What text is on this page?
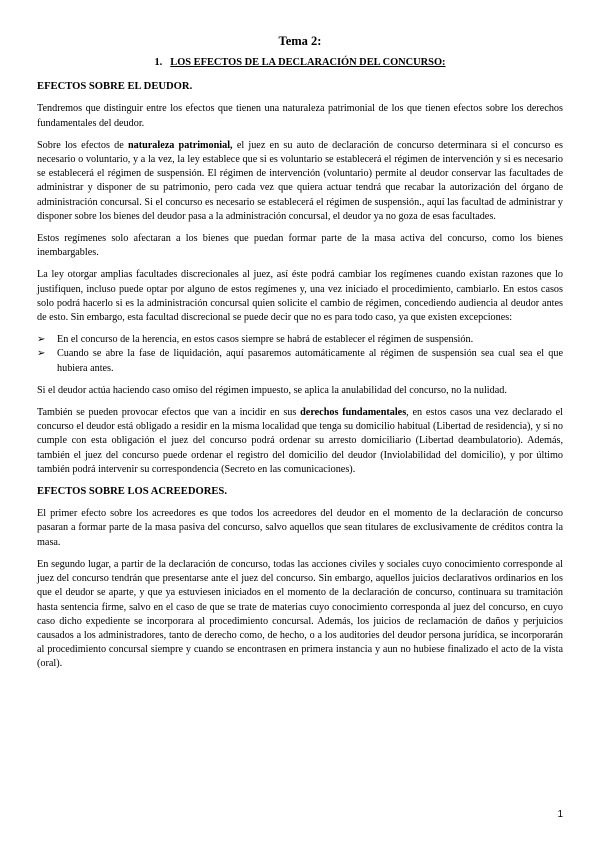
Tema 2:
1. LOS EFECTOS DE LA DECLARACIÓN DEL CONCURSO:
EFECTOS SOBRE EL DEUDOR.

Tendremos que distinguir entre los efectos que tienen una naturaleza patrimonial de los que tienen efectos sobre los derechos fundamentales del deudor.

Sobre los efectos de naturaleza patrimonial, el juez en su auto de declaración de concurso determinara si el concurso es necesario o voluntario, y a la vez, la ley establece que si es voluntario se establecerá el régimen de intervención y si es necesario se establecerá el régimen de suspensión. El régimen de intervención (voluntario) permite al deudor conservar las facultades de administrar y disponer de su patrimonio, pero cada vez que quiera actuar tendrá que recabar la autorización del órgano de administración concursal. Si el concurso es necesario se establecerá el régimen de suspensión., aquí las facultad de administrar y disponer sobre los bienes del deudor pasa a la administración concursal, el deudor ya no goza de esas facultades.

Estos regímenes solo afectaran a los bienes que puedan formar parte de la masa activa del concurso, como los bienes inembargables.

La ley otorgar amplias facultades discrecionales al juez, así éste podrá cambiar los regímenes cuando existan razones que lo justifiquen, incluso puede optar por alguno de estos regímenes y, una vez iniciado el procedimiento, cambiarlo. En estos casos solo podrá hacerlo si es la administración concursal quien solicite el cambio de régimen, concediendo audiencia al deudor antes de esto. Sin embargo, esta facultad discrecional se puede decir que no es para todo caso, ya que existen excepciones:

➢ En el concurso de la herencia, en estos casos siempre se habrá de establecer el régimen de suspensión.
➢ Cuando se abre la fase de liquidación, aquí pasaremos automáticamente al régimen de suspensión sea cual sea el que hubiera antes.

Si el deudor actúa haciendo caso omiso del régimen impuesto, se aplica la anulabilidad del concurso, no la nulidad.

También se pueden provocar efectos que van a incidir en sus derechos fundamentales, en estos casos una vez declarado el concurso el deudor está obligado a residir en la misma localidad que tenga su domicilio habitual (Libertad de residencia), y si no cumple con esta obligación el juez del concurso podrá ordenar su arresto domiciliario (Libertad deambulatorio). Además, también el juez del concurso puede ordenar el registro del domicilio del deudor (Inviolabilidad del domicilio), y por último también podrá intervenir su correspondencia (Secreto en las comunicaciones).

EFECTOS SOBRE LOS ACREEDORES.

El primer efecto sobre los acreedores es que todos los acreedores del deudor en el momento de la declaración de concurso pasaran a formar parte de la masa pasiva del concurso, salvo aquellos que sean titulares de exclusivamente de créditos contra la masa.

En segundo lugar, a partir de la declaración de concurso, todas las acciones civiles y sociales cuyo conocimiento corresponde al juez del concurso tendrán que presentarse ante el juez del concurso. Sin embargo, aquellos juicios declarativos ordinarios en los que el deudor se aparte, y que ya estuviesen iniciados en el momento de la declaración de concurso, continuara su tramitación hasta sentencia firme, salvo en el caso de que se trate de materias cuyo conocimiento corresponda al juez del concurso, en cuyo caso dicho expediente se incorporara al procedimiento concursal. Además, los juicios de reclamación de daños y perjuicios causados a los administradores, tanto de derecho como, de hecho, o a los auditories del deudor persona jurídica, se incorporarán al procedimiento concursal siempre y cuando se encontrasen en primera instancia y aun no hubiese finalizado el acto de la vista (oral).

1
